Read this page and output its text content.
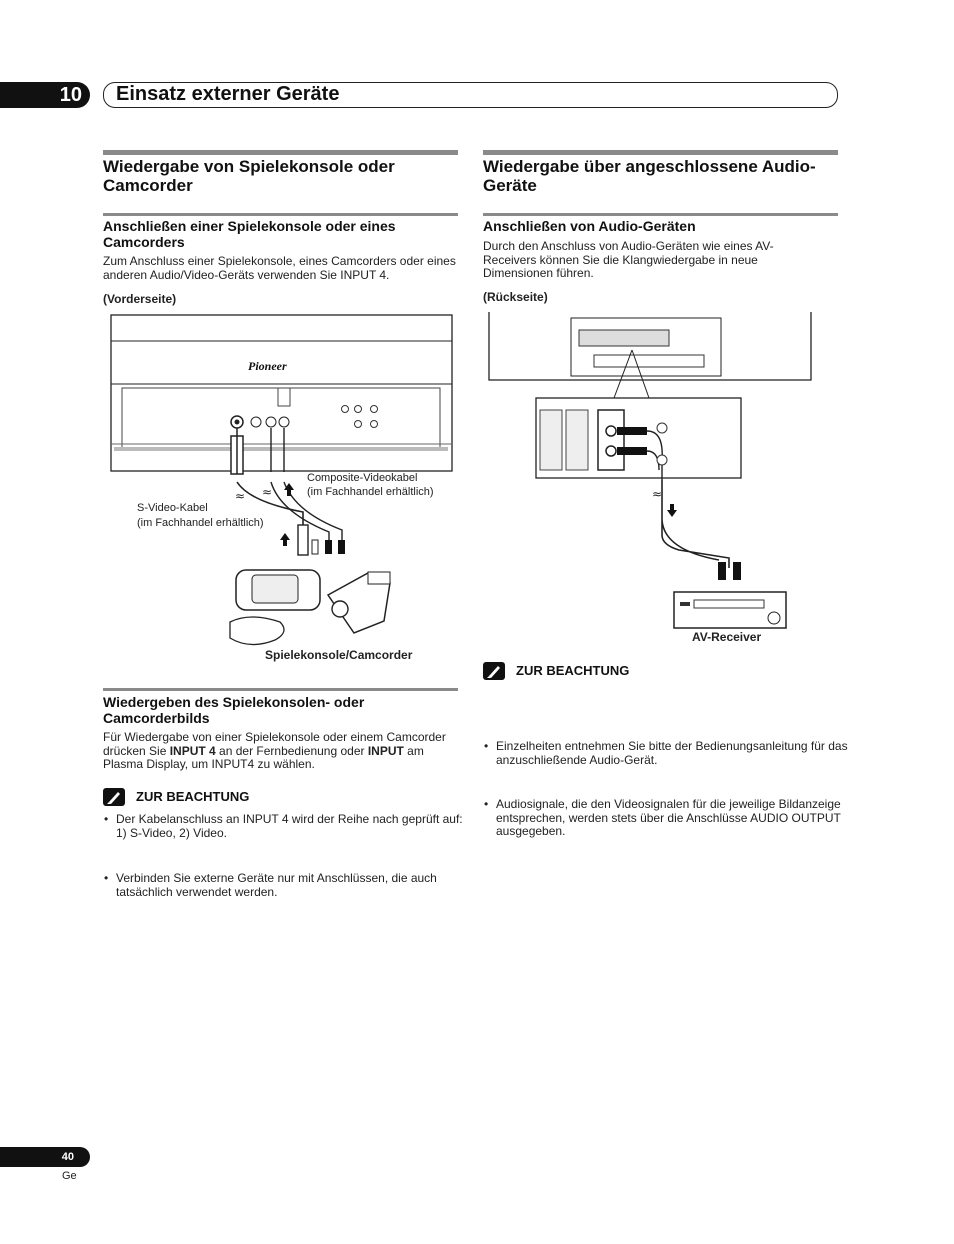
10	Einsatz externer Geräte
Wiedergabe von Spielekonsole oder Camcorder
Anschließen einer Spielekonsole oder eines Camcorders
Zum Anschluss einer Spielekonsole, eines Camcorders oder eines anderen Audio/Video-Geräts verwenden Sie INPUT 4.
(Vorderseite)
≈ ≈
Pioneer
Composite-Videokabel
(im Fachhandel erhältlich)
S-Video-Kabel
(im Fachhandel erhältlich)
Spielekonsole/Camcorder
Wiedergeben des Spielekonsolen- oder Camcorderbilds
Für Wiedergabe von einer Spielekonsole oder einem Camcorder drücken Sie INPUT 4 an der Fernbedienung oder INPUT am Plasma Display, um INPUT4 zu wählen.
ZUR BEACHTUNG
• Der Kabelanschluss an INPUT 4 wird der Reihe nach geprüft auf: 1) S-Video, 2) Video.
• Verbinden Sie externe Geräte nur mit Anschlüssen, die auch tatsächlich verwendet werden.
Wiedergabe über angeschlossene Audio-Geräte
Anschließen von Audio-Geräten
Durch den Anschluss von Audio-Geräten wie eines AV-Receivers können Sie die Klangwiedergabe in neue Dimensionen führen.
(Rückseite)
≈
AV-Receiver
ZUR BEACHTUNG
• Einzelheiten entnehmen Sie bitte der Bedienungsanleitung für das anzuschließende Audio-Gerät.
• Audiosignale, die den Videosignalen für die jeweilige Bildanzeige entsprechen, werden stets über die Anschlüsse AUDIO OUTPUT ausgegeben.
40
Ge
